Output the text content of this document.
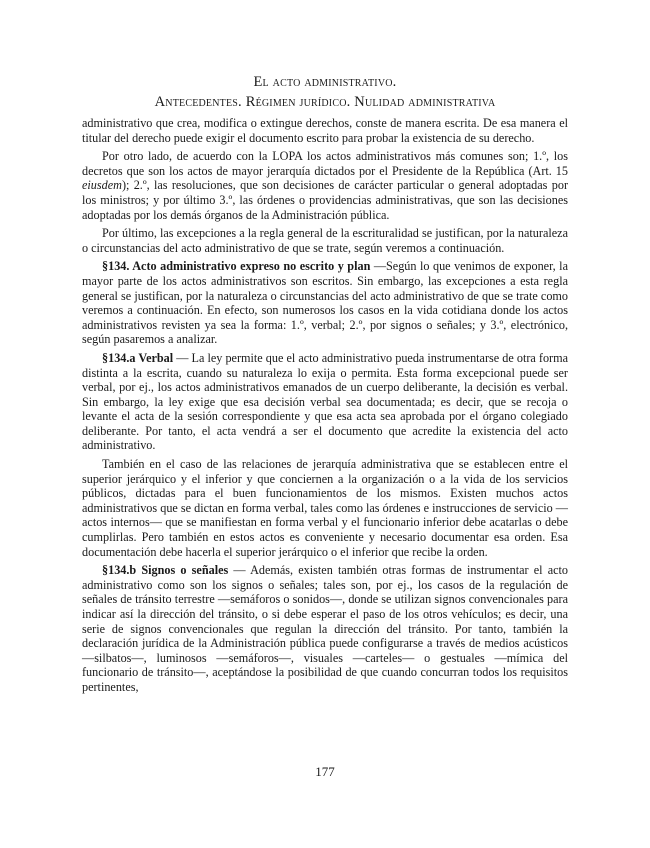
El acto administrativo.
Antecedentes. Régimen jurídico. Nulidad administrativa

administrativo que crea, modifica o extingue derechos, conste de manera escrita. De esa manera el titular del derecho puede exigir el documento escrito para probar la existencia de su derecho.

Por otro lado, de acuerdo con la LOPA los actos administrativos más comunes son; 1.º, los decretos que son los actos de mayor jerarquía dictados por el Presidente de la República (Art. 15 eiusdem); 2.º, las resoluciones, que son decisiones de carácter particular o general adoptadas por los ministros; y por último 3.º, las órdenes o providencias administrativas, que son las decisiones adoptadas por los demás órganos de la Administración pública.

Por último, las excepciones a la regla general de la escrituralidad se justifican, por la naturaleza o circunstancias del acto administrativo de que se trate, según veremos a continuación.

§134. Acto administrativo expreso no escrito y plan —Según lo que venimos de exponer, la mayor parte de los actos administrativos son escritos. Sin embargo, las excepciones a esta regla general se justifican, por la naturaleza o circunstancias del acto administrativo de que se trate como veremos a continuación. En efecto, son numerosos los casos en la vida cotidiana donde los actos administrativos revisten ya sea la forma: 1.º, verbal; 2.º, por signos o señales; y 3.º, electrónico, según pasaremos a analizar.

§134.a Verbal — La ley permite que el acto administrativo pueda instrumentarse de otra forma distinta a la escrita, cuando su naturaleza lo exija o permita. Esta forma excepcional puede ser verbal, por ej., los actos administrativos emanados de un cuerpo deliberante, la decisión es verbal. Sin embargo, la ley exige que esa decisión verbal sea documentada; es decir, que se recoja o levante el acta de la sesión correspondiente y que esa acta sea aprobada por el órgano colegiado deliberante. Por tanto, el acta vendrá a ser el documento que acredite la existencia del acto administrativo.

También en el caso de las relaciones de jerarquía administrativa que se establecen entre el superior jerárquico y el inferior y que conciernen a la organización o a la vida de los servicios públicos, dictadas para el buen funcionamientos de los mismos. Existen muchos actos administrativos que se dictan en forma verbal, tales como las órdenes e instrucciones de servicio —actos internos— que se manifiestan en forma verbal y el funcionario inferior debe acatarlas o debe cumplirlas. Pero también en estos actos es conveniente y necesario documentar esa orden. Esa documentación debe hacerla el superior jerárquico o el inferior que recibe la orden.

§134.b Signos o señales — Además, existen también otras formas de instrumentar el acto administrativo como son los signos o señales; tales son, por ej., los casos de la regulación de señales de tránsito terrestre —semáforos o sonidos—, donde se utilizan signos convencionales para indicar así la dirección del tránsito, o si debe esperar el paso de los otros vehículos; es decir, una serie de signos convencionales que regulan la dirección del tránsito. Por tanto, también la declaración jurídica de la Administración pública puede configurarse a través de medios acústicos —silbatos—, luminosos —semáforos—, visuales —carteles— o gestuales —mímica del funcionario de tránsito—, aceptándose la posibilidad de que cuando concurran todos los requisitos pertinentes,

177
